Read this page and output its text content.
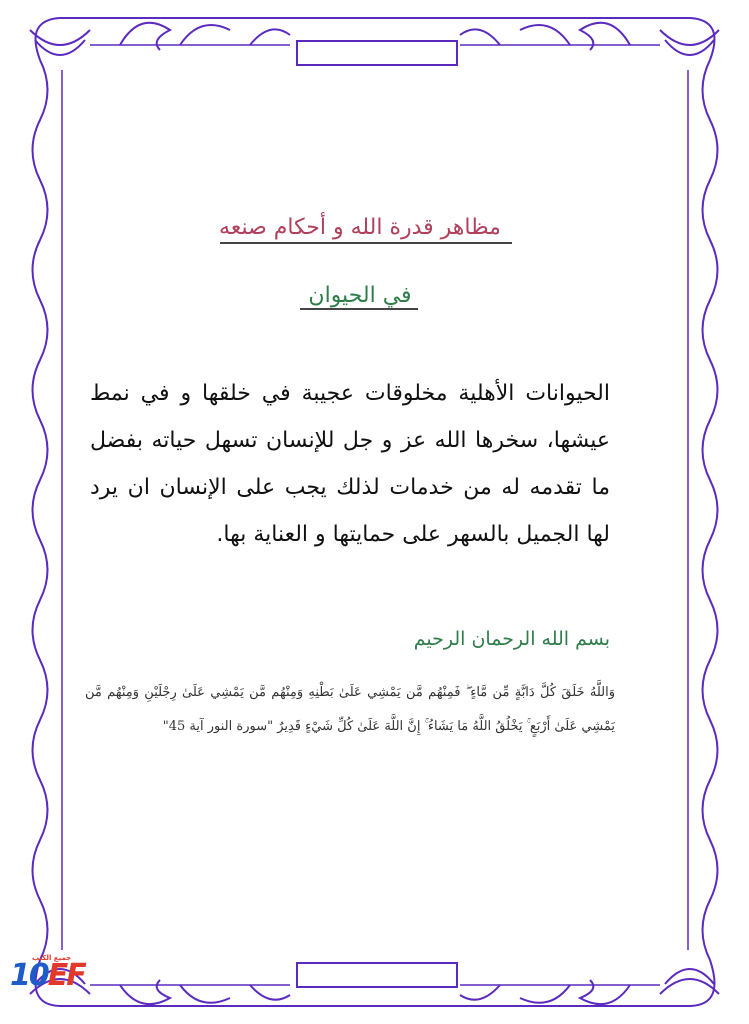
مظاهر قدرة الله و أحكام صنعه
في الحيوان
الحيوانات الأهلية مخلوقات عجيبة في خلقها و في نمط عيشها، سخرها الله عز و جل للإنسان تسهل حياته بفضل ما تقدمه له من خدمات لذلك يجب على الإنسان ان يرد لها الجميل بالسهر على حمايتها و العناية بها.
بسم الله الرحمان الرحيم
وَاللَّهُ خَلَقَ كُلَّ دَابَّةٍ مِّن مَّاءٍ ۖ فَمِنْهُم مَّن يَمْشِي عَلَىٰ بَطْنِهِ وَمِنْهُم مَّن يَمْشِي عَلَىٰ رِجْلَيْنِ وَمِنْهُم مَّن يَمْشِي عَلَىٰ أَرْبَعٍ ۚ يَخْلُقُ اللَّهُ مَا يَشَاءُ ۚ إِنَّ اللَّهَ عَلَىٰ كُلِّ شَيْءٍ قَدِيرٌ "سورة النور آية 45"
10EF
جميع الكتب
